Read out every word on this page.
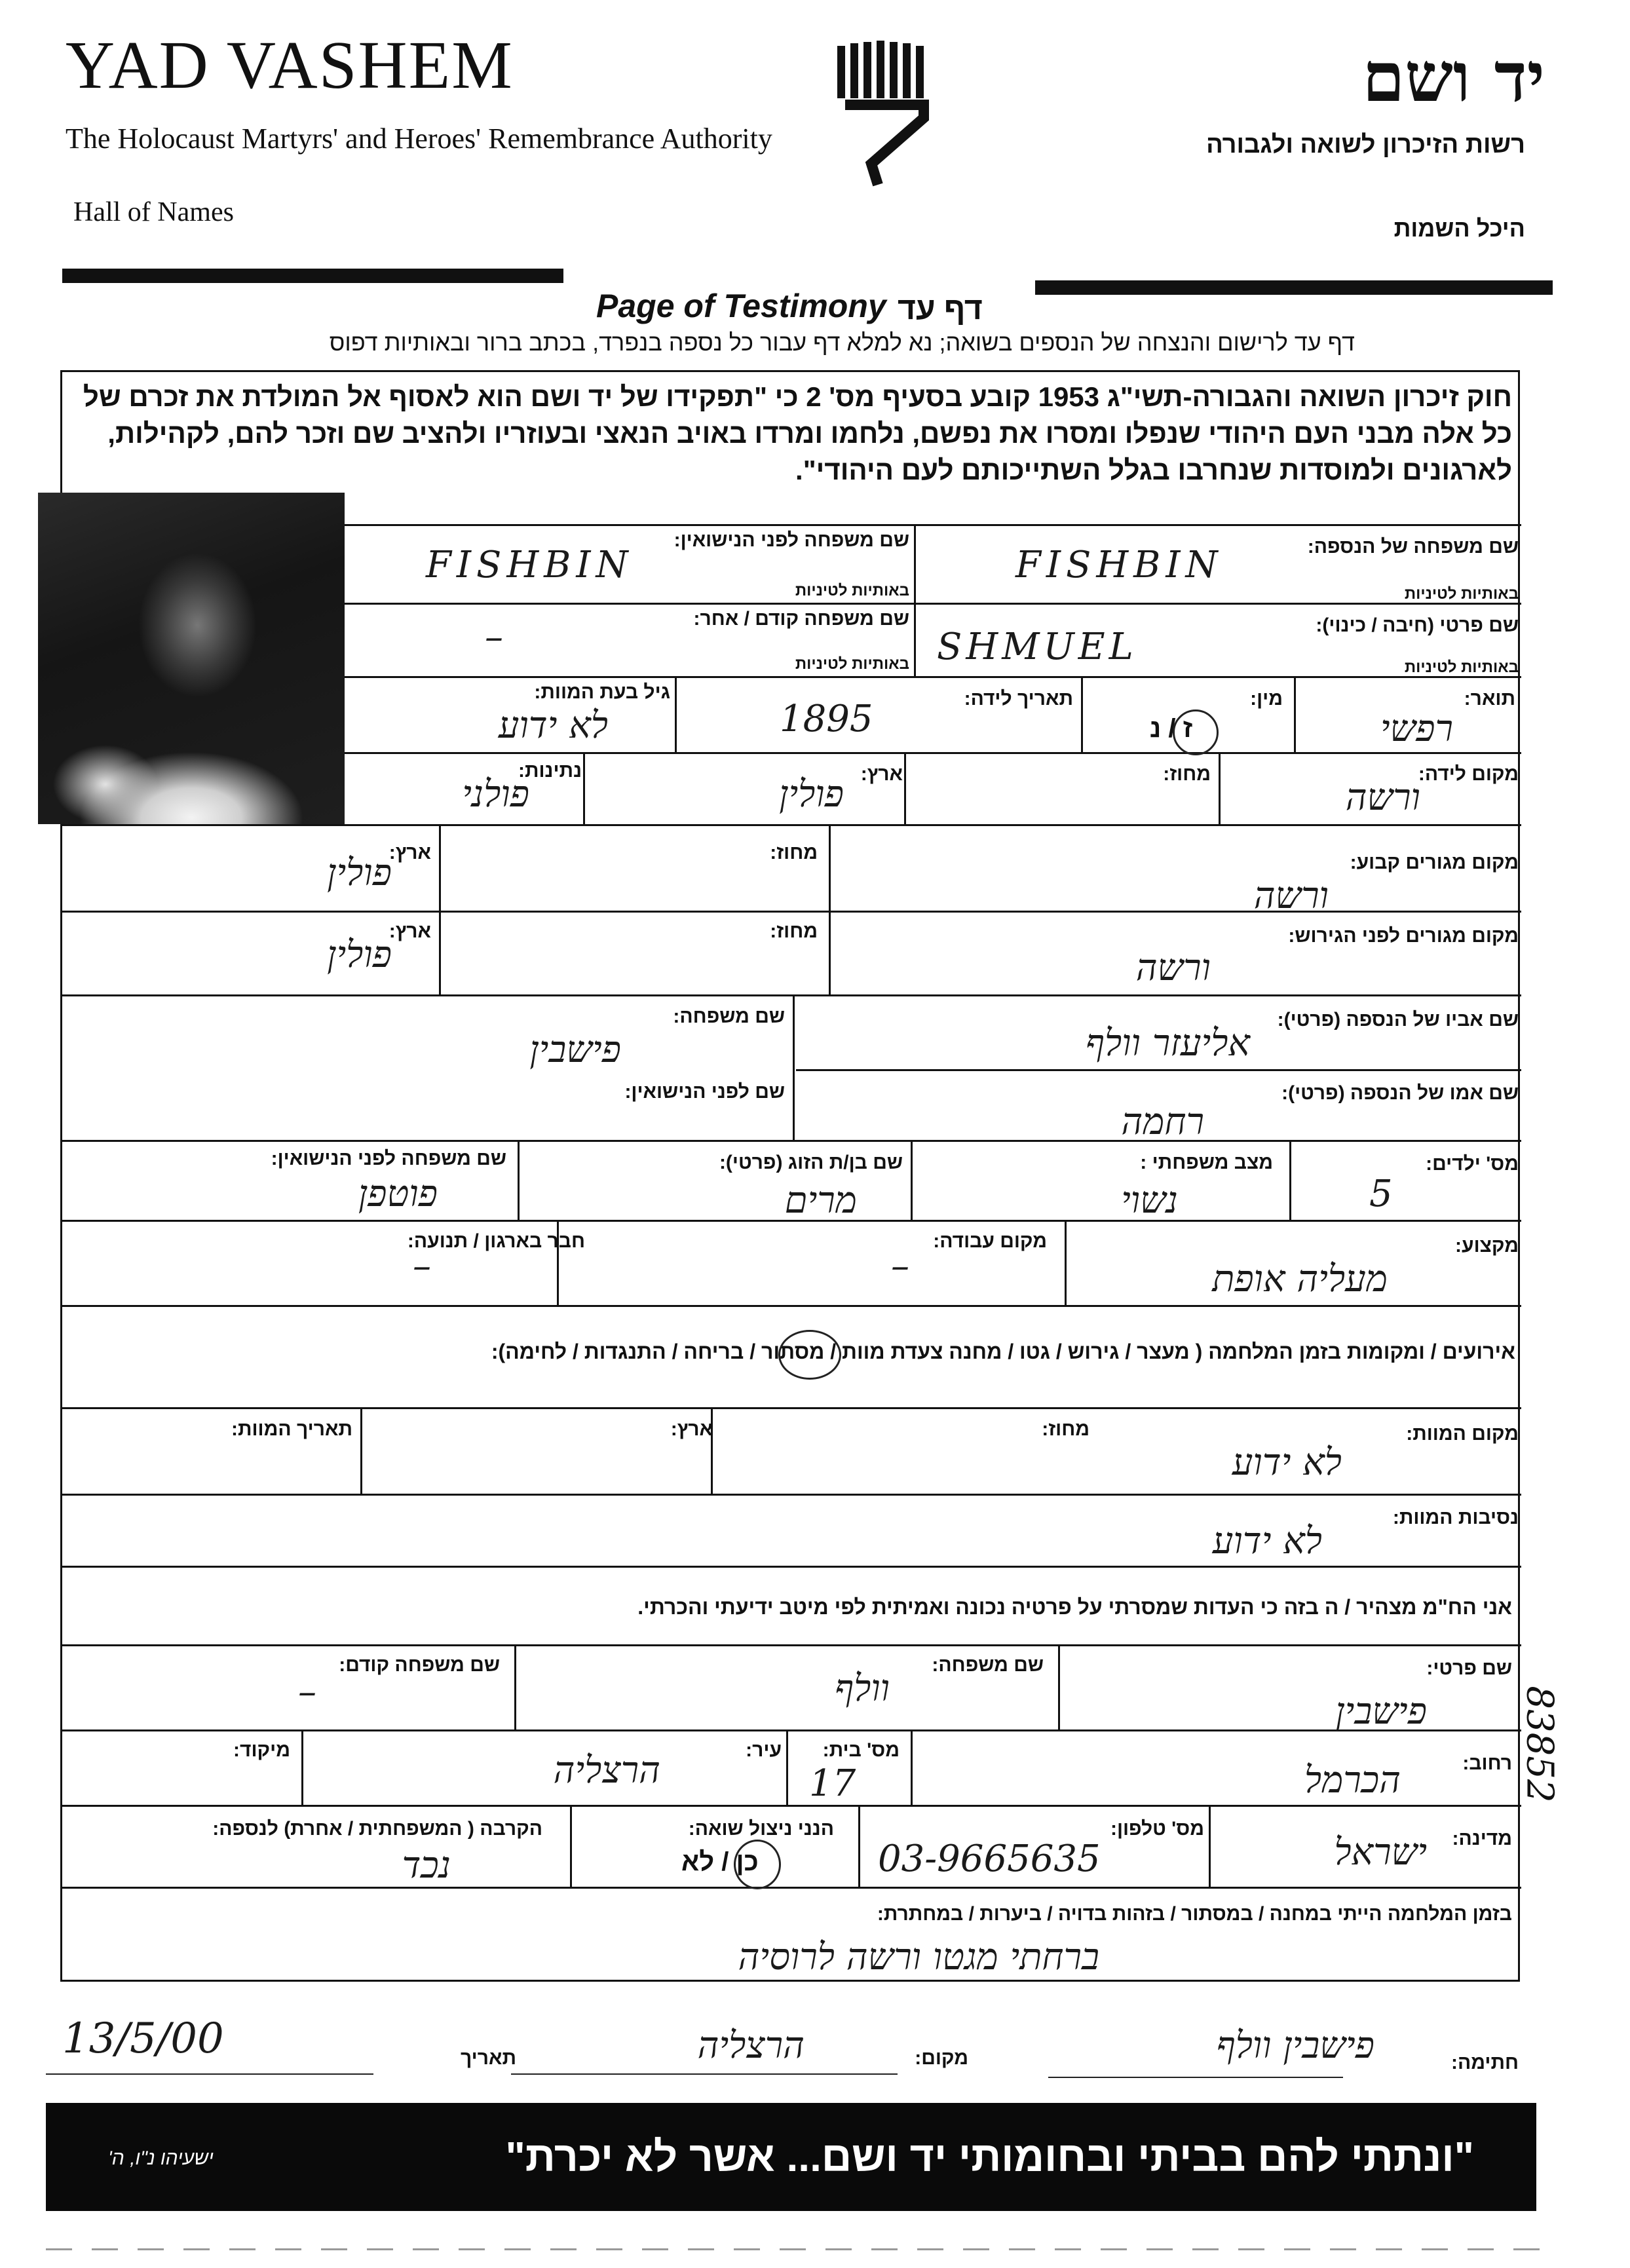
YAD VASHEM
The Holocaust Martyrs' and Heroes' Remembrance Authority
Hall of Names
יד ושם
רשות הזיכרון לשואה ולגבורה
היכל השמות
Page of Testimony דף עד
דף עד לרישום והנצחה של הנספים בשואה; נא למלא דף עבור כל נספה בנפרד, בכתב ברור ובאותיות דפוס
חוק זיכרון השואה והגבורה-תשי"ג 1953 קובע בסעיף מס' 2 כי "תפקידו של יד ושם הוא לאסוף אל המולדת את זכרם של
כל אלה מבני העם היהודי שנפלו ומסרו את נפשם, נלחמו ומרדו באויב הנאצי ובעוזריו ולהציב שם וזכר להם, לקהילות,
לארגונים ולמוסדות שנחרבו בגלל השתייכותם לעם היהודי".
שם משפחה של הנספה:
באותיות לטיניות
FISHBIN
שם משפחה לפני הנישואין:
באותיות לטיניות
FISHBIN
שם פרטי (חיבה / כינוי):
באותיות לטיניות
SHMUEL
שם משפחה קודם / אחר:
באותיות לטיניות
–
תואר:
רפשי
מין:
ז / נ
תאריך לידה:
1895
גיל בעת המוות:
לא ידוע
מקום לידה:
ורשה
מחוז:
ארץ:
פולין
נתינות:
פולני
מקום מגורים קבוע:
ורשה
מחוז:
ארץ:
פולין
מקום מגורים לפני הגירוש:
ורשה
מחוז:
ארץ:
פולין
שם אביו של הנספה (פרטי):
אליעזר וולף
שם משפחה:
פישבין
שם אמו של הנספה (פרטי):
רחמה
שם לפני הנישואין:
מס' ילדים:
5
מצב משפחתי :
נשוי
שם בן/ת הזוג (פרטי):
מרים
שם משפחה לפני הנישואין:
פוטפן
מקצוע:
מעליה אופת
מקום עבודה:
–
חבר בארגון / תנועה:
–
אירועים / ומקומות בזמן המלחמה ( מעצר / גירוש / גטו / מחנה צעדת מוות / מסתור / בריחה / התנגדות / לחימה):
מקום המוות:
לא ידוע
מחוז:
ארץ:
תאריך המוות:
נסיבות המוות:
לא ידוע
אני הח"מ מצהיר / ה בזה כי העדות שמסרתי על פרטיה נכונה ואמיתית לפי מיטב ידיעתי והכרתי.
שם פרטי:
פישבין
שם משפחה:
וולף
שם משפחה קודם:
–
רחוב:
הכרמל
מס' בית:
17
עיר:
הרצליה
מיקוד:
מדינה:
ישראל
מס' טלפון:
03-9665635
הנני ניצול שואה:
כן / לא
הקרבה ( המשפחתית / אחרת) לנספה:
נכד
בזמן המלחמה הייתי במחנה / במסתור / בזהות בדויה / ביערות / במחתרת:
ברחתי מגטו ורשה לרוסיה
83852
חתימה:
פישבין וולף
מקום:
הרצליה
תאריך
13/5/00
"ונתתי להם בביתי ובחומותי יד ושם... אשר לא יכרת"
ישעיהו נ"ו, ה'
